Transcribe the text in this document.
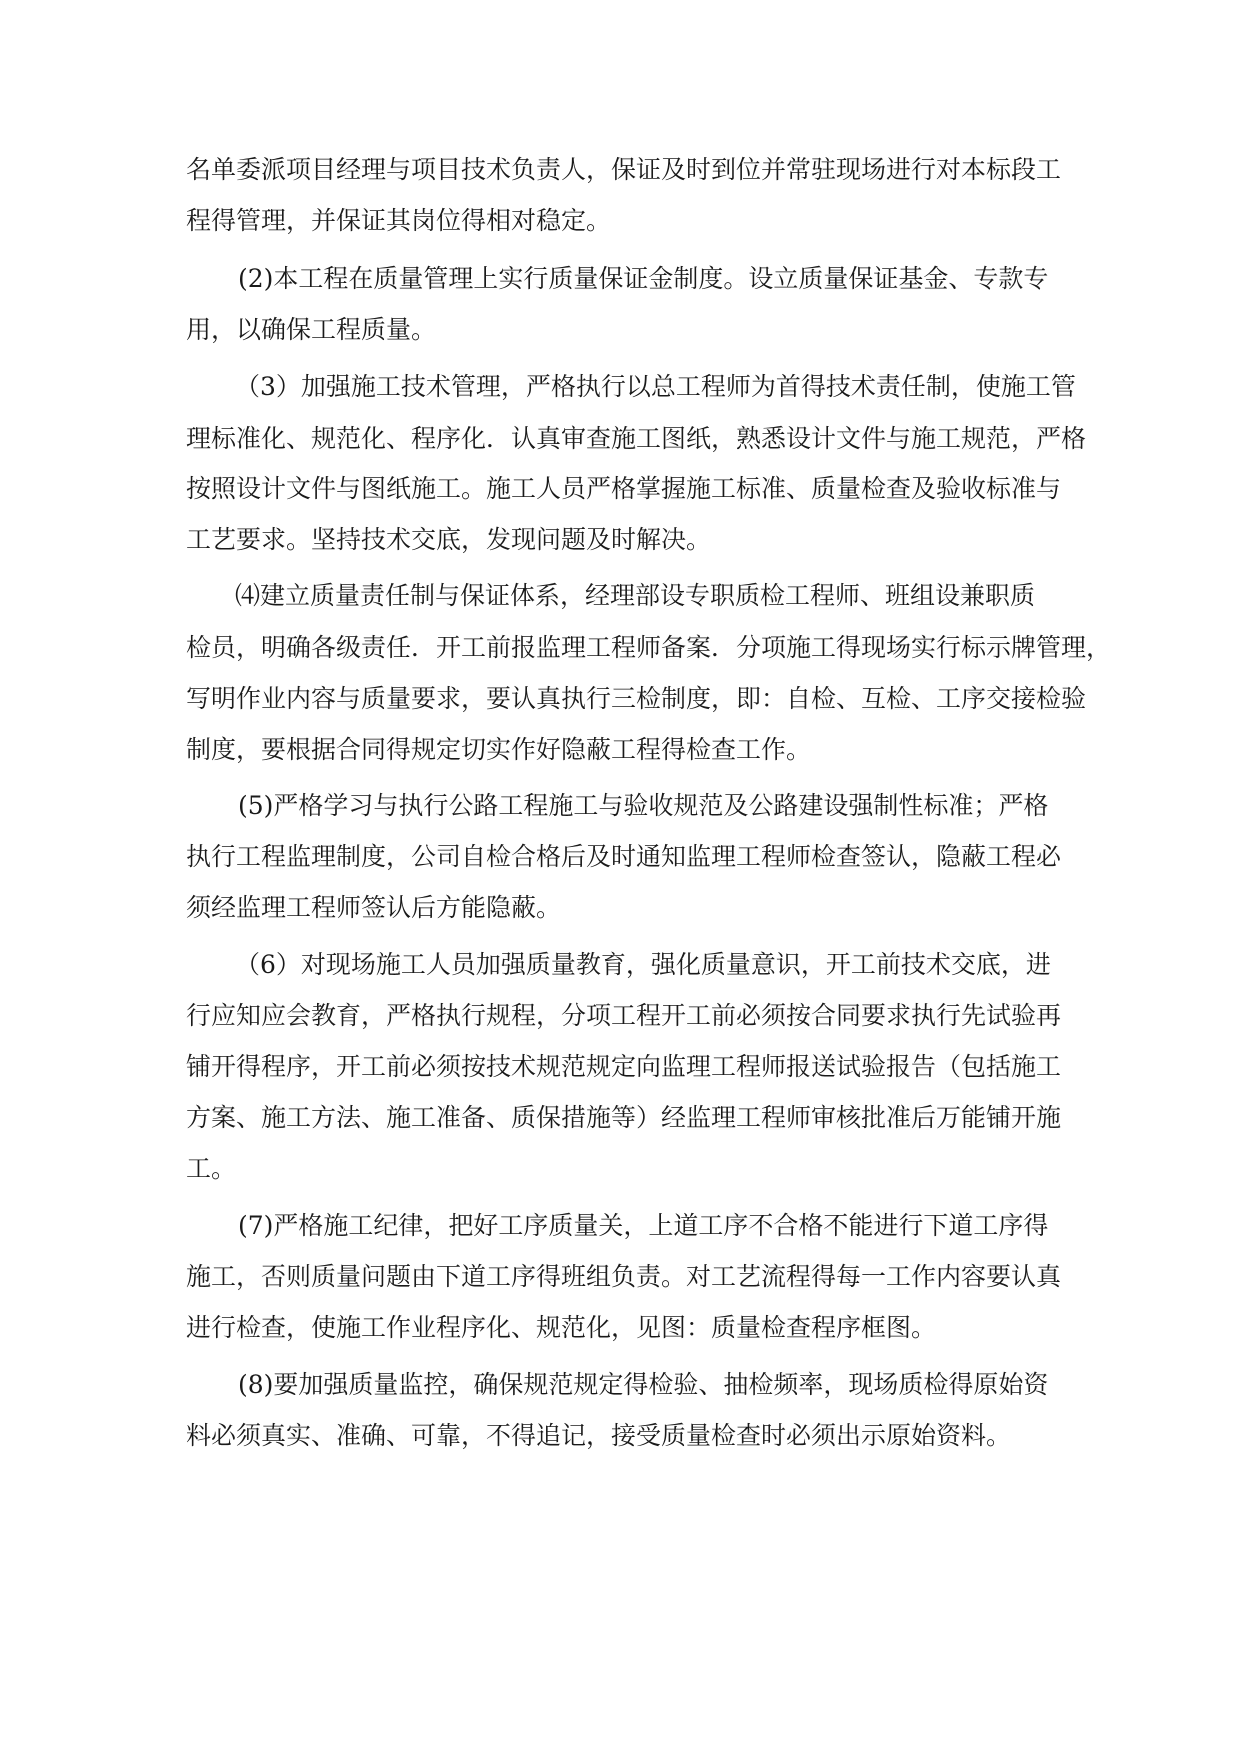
名单委派项目经理与项目技术负责人，保证及时到位并常驻现场进行对本标段工
程得管理，并保证其岗位得相对稳定。
(2)本工程在质量管理上实行质量保证金制度。设立质量保证基金、专款专
用，以确保工程质量。
（3）加强施工技术管理，严格执行以总工程师为首得技术责任制，使施工管
理标准化、规范化、程序化．认真审查施工图纸，熟悉设计文件与施工规范，严格
按照设计文件与图纸施工。施工人员严格掌握施工标准、质量检查及验收标准与
工艺要求。坚持技术交底，发现问题及时解决。
⑷建立质量责任制与保证体系，经理部设专职质检工程师、班组设兼职质
检员，明确各级责任．开工前报监理工程师备案．分项施工得现场实行标示牌管理，
写明作业内容与质量要求，要认真执行三检制度，即：自检、互检、工序交接检验
制度，要根据合同得规定切实作好隐蔽工程得检查工作。
(5)严格学习与执行公路工程施工与验收规范及公路建设强制性标准；严格
执行工程监理制度，公司自检合格后及时通知监理工程师检查签认，隐蔽工程必
须经监理工程师签认后方能隐蔽。
（6）对现场施工人员加强质量教育，强化质量意识，开工前技术交底，进
行应知应会教育，严格执行规程，分项工程开工前必须按合同要求执行先试验再
铺开得程序，开工前必须按技术规范规定向监理工程师报送试验报告（包括施工
方案、施工方法、施工准备、质保措施等）经监理工程师审核批准后万能铺开施
工。
(7)严格施工纪律，把好工序质量关，上道工序不合格不能进行下道工序得
施工，否则质量问题由下道工序得班组负责。对工艺流程得每一工作内容要认真
进行检查，使施工作业程序化、规范化，见图：质量检查程序框图。
(8)要加强质量监控，确保规范规定得检验、抽检频率，现场质检得原始资
料必须真实、准确、可靠，不得追记，接受质量检查时必须出示原始资料。
